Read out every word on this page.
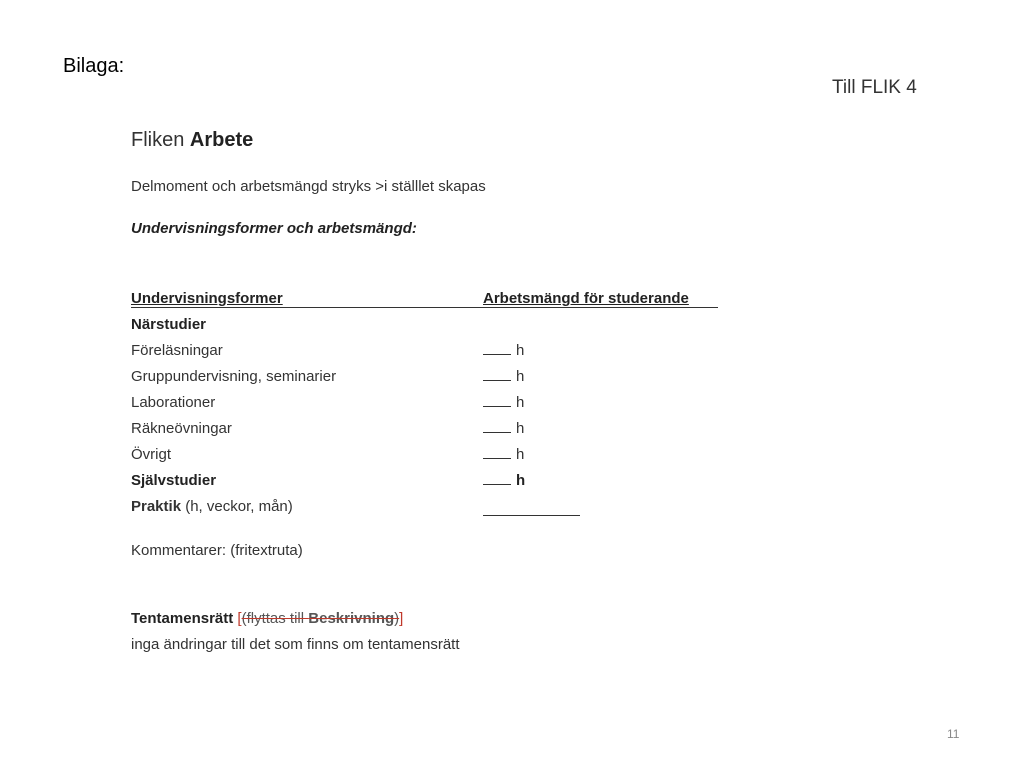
Bilaga:
Till FLIK 4
Fliken Arbete
Delmoment och arbetsmängd stryks >i ställlet skapas
Undervisningsformer och arbetsmängd:
Undervisningsformer	Arbetsmängd för studerande
Närstudier
Föreläsningar	h
Gruppundervisning, seminarier	h
Laborationer	h
Räkneövningar	h
Övrigt	h
Självstudier	h
Praktik (h, veckor, mån)
Kommentarer: (fritextruta)
Tentamensrätt [(flyttas till Beskrivning)]
inga ändringar till det som finns om tentamensrätt
11
